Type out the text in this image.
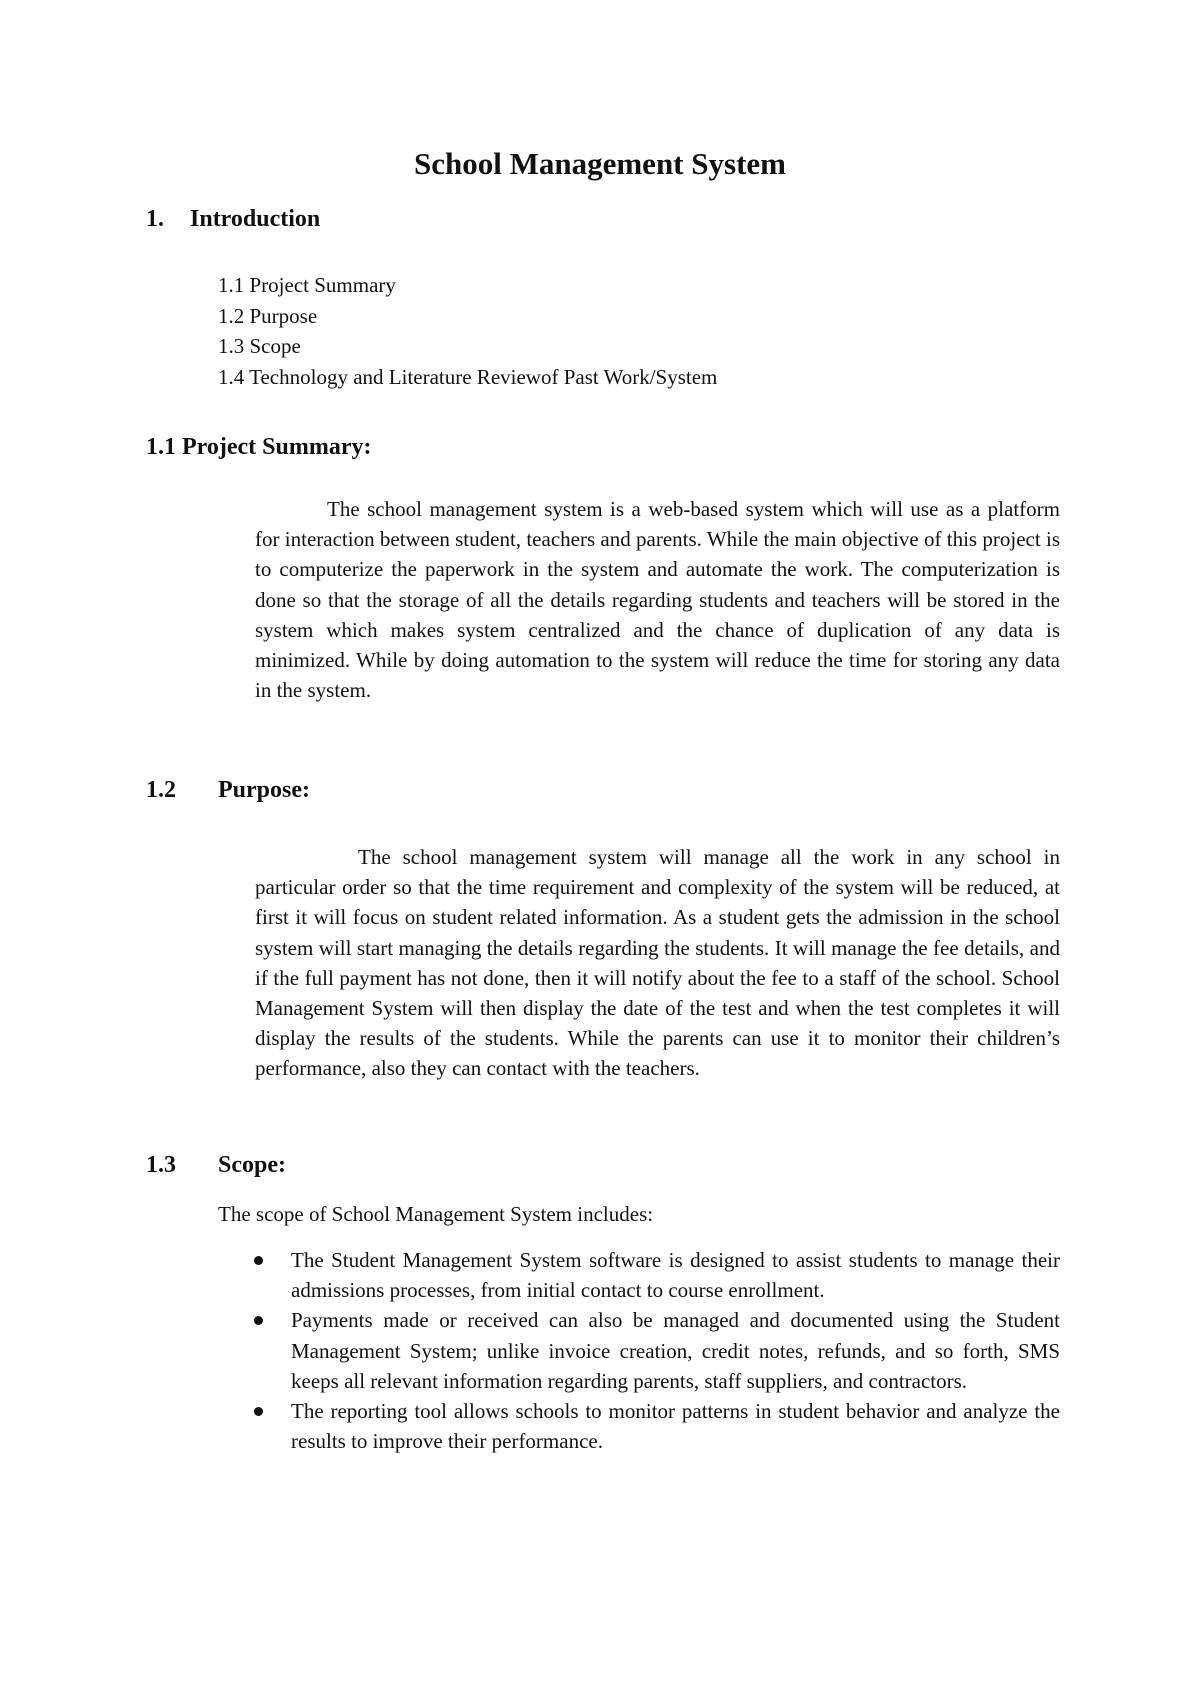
School Management System
1. Introduction
1.1 Project Summary
1.2 Purpose
1.3 Scope
1.4 Technology and Literature Reviewof Past Work/System
1.1 Project Summary:

The school management system is a web-based system which will use as a platform for interaction between student, teachers and parents. While the main objective of this project is to computerize the paperwork in the system and automate the work. The computerization is done so that the storage of all the details regarding students and teachers will be stored in the system which makes system centralized and the chance of duplication of any data is minimized. While by doing automation to the system will reduce the time for storing any data in the system.

1.2 Purpose:

The school management system will manage all the work in any school in particular order so that the time requirement and complexity of the system will be reduced, at first it will focus on student related information. As a student gets the admission in the school system will start managing the details regarding the students. It will manage the fee details, and if the full payment has not done, then it will notify about the fee to a staff of the school. School Management System will then display the date of the test and when the test completes it will display the results of the students. While the parents can use it to monitor their children’s performance, also they can contact with the teachers.

1.3 Scope:

The scope of School Management System includes:

The Student Management System software is designed to assist students to manage their admissions processes, from initial contact to course enrollment.
Payments made or received can also be managed and documented using the Student Management System; unlike invoice creation, credit notes, refunds, and so forth, SMS keeps all relevant information regarding parents, staff suppliers, and contractors.
The reporting tool allows schools to monitor patterns in student behavior and analyze the results to improve their performance.
